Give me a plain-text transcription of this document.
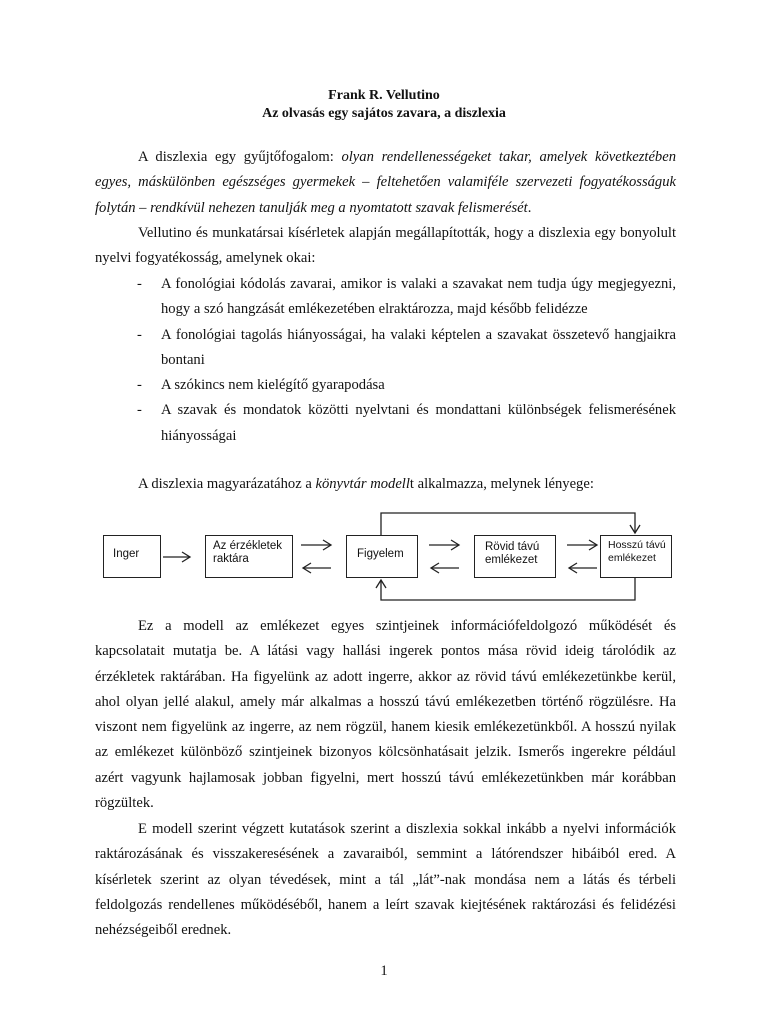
Frank R. Vellutino
Az olvasás egy sajátos zavara, a diszlexia

A diszlexia egy gyűjtőfogalom: olyan rendellenességeket takar, amelyek következtében egyes, máskülönben egészséges gyermekek – feltehetően valamiféle szervezeti fogyatékosságuk folytán – rendkívül nehezen tanulják meg a nyomtatott szavak felismerését.

Vellutino és munkatársai kísérletek alapján megállapították, hogy a diszlexia egy bonyolult nyelvi fogyatékosság, amelynek okai:

- A fonológiai kódolás zavarai, amikor is valaki a szavakat nem tudja úgy megjegyezni, hogy a szó hangzását emlékezetében elraktározza, majd később felidézze
- A fonológiai tagolás hiányosságai, ha valaki képtelen a szavakat összetevő hangjaikra bontani
- A szókincs nem kielégítő gyarapodása
- A szavak és mondatok közötti nyelvtani és mondattani különbségek felismerésének hiányosságai

A diszlexia magyarázatához a könyvtár modellt alkalmazza, melynek lényege:

Inger
Az érzékletek
raktára	Figyelem
Rövid távú
emlékezet
Hosszú távú
emlékezet

Ez a modell az emlékezet egyes szintjeinek információfeldolgozó működését és kapcsolatait mutatja be. A látási vagy hallási ingerek pontos mása rövid ideig tárolódik az érzékletek raktárában. Ha figyelünk az adott ingerre, akkor az rövid távú emlékezetünkbe kerül, ahol olyan jellé alakul, amely már alkalmas a hosszú távú emlékezetben történő rögzülésre. Ha viszont nem figyelünk az ingerre, az nem rögzül, hanem kiesik emlékezetünkből. A hosszú nyilak az emlékezet különböző szintjeinek bizonyos kölcsönhatásait jelzik. Ismerős ingerekre például azért vagyunk hajlamosak jobban figyelni, mert hosszú távú emlékezetünkben már korábban rögzültek.

E modell szerint végzett kutatások szerint a diszlexia sokkal inkább a nyelvi információk raktározásának és visszakeresésének a zavaraiból, semmint a látórendszer hibáiból ered. A kísérletek szerint az olyan tévedések, mint a tál „lát”-nak mondása nem a látás és térbeli feldolgozás rendellenes működéséből, hanem a leírt szavak kiejtésének raktározási és felidézési nehézségeiből erednek.

1
